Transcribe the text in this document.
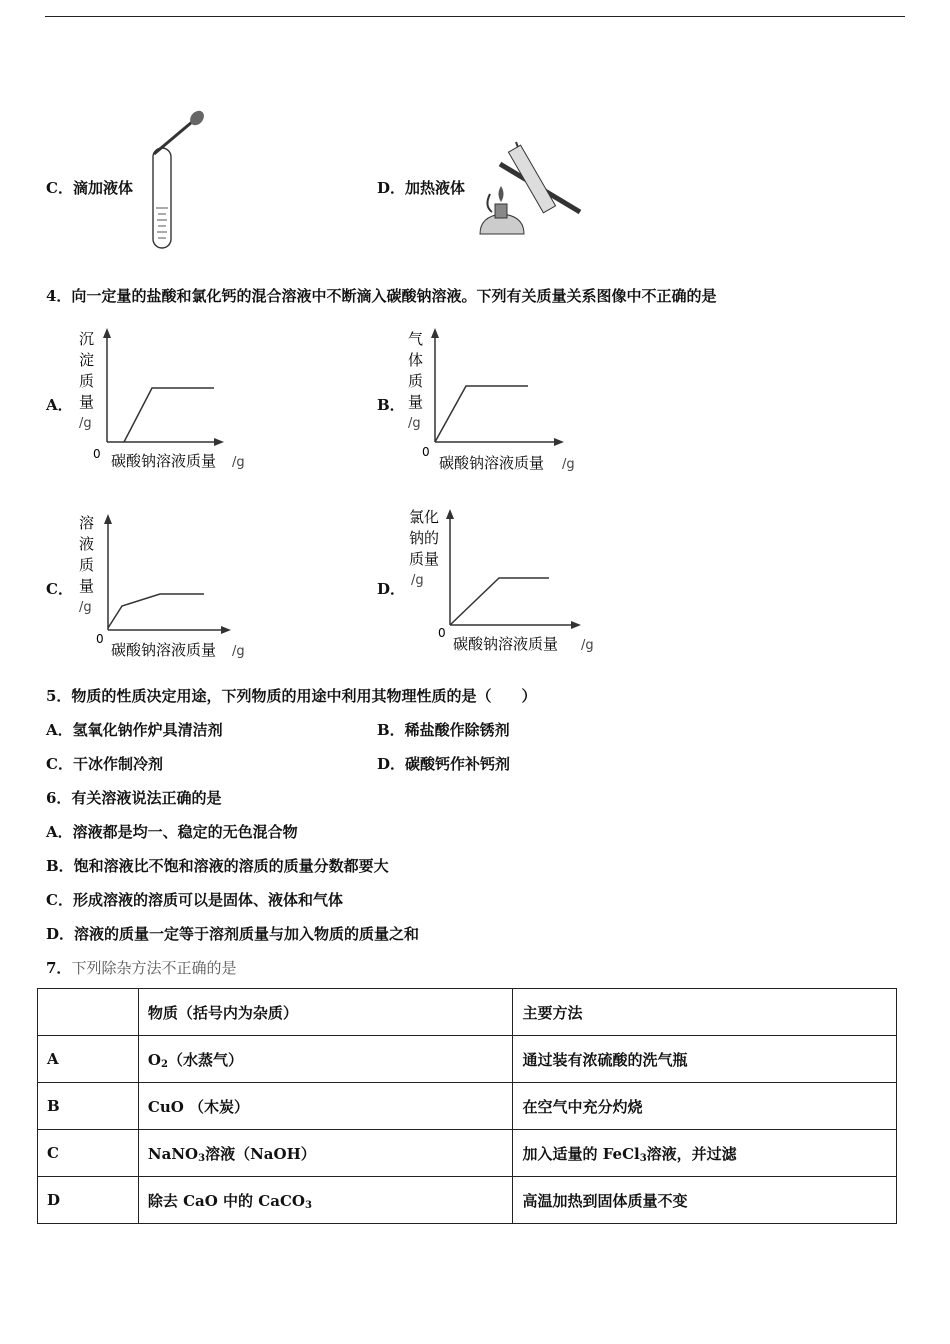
C．滴加液体	D．加热液体
4．向一定量的盐酸和氯化钙的混合溶液中不断滴入碳酸钠溶液。下列有关质量关系图像中不正确的是
A．
沉
淀
质
量
/g
0 碳酸钠溶液质量 /g
B．
气
体
质
量
/g
0
碳酸钠溶液质量 /g
C．
溶
液
质
量
/g
0
碳酸钠溶液质量 /g
D．
氯化
钠的
质量
/g
0
碳酸钠溶液质量 /g
5．物质的性质决定用途，下列物质的用途中利用其物理性质的是（　　）
A．氢氧化钠作炉具清洁剂	B．稀盐酸作除锈剂
C．干冰作制冷剂	D．碳酸钙作补钙剂
6．有关溶液说法正确的是
A．溶液都是均一、稳定的无色混合物
B．饱和溶液比不饱和溶液的溶质的质量分数都要大
C．形成溶液的溶质可以是固体、液体和气体
D．溶液的质量一定等于溶剂质量与加入物质的质量之和
7．下列除杂方法不正确的是
	物质（括号内为杂质）	主要方法
A	$O_2$（水蒸气）	通过装有浓硫酸的洗气瓶
B	CuO （木炭）	在空气中充分灼烧
C	NaNO$_3$溶液（NaOH）	加入适量的 FeCl$_3$溶液，并过滤
D	除去 CaO 中的 CaCO$_3$	高温加热到固体质量不变
